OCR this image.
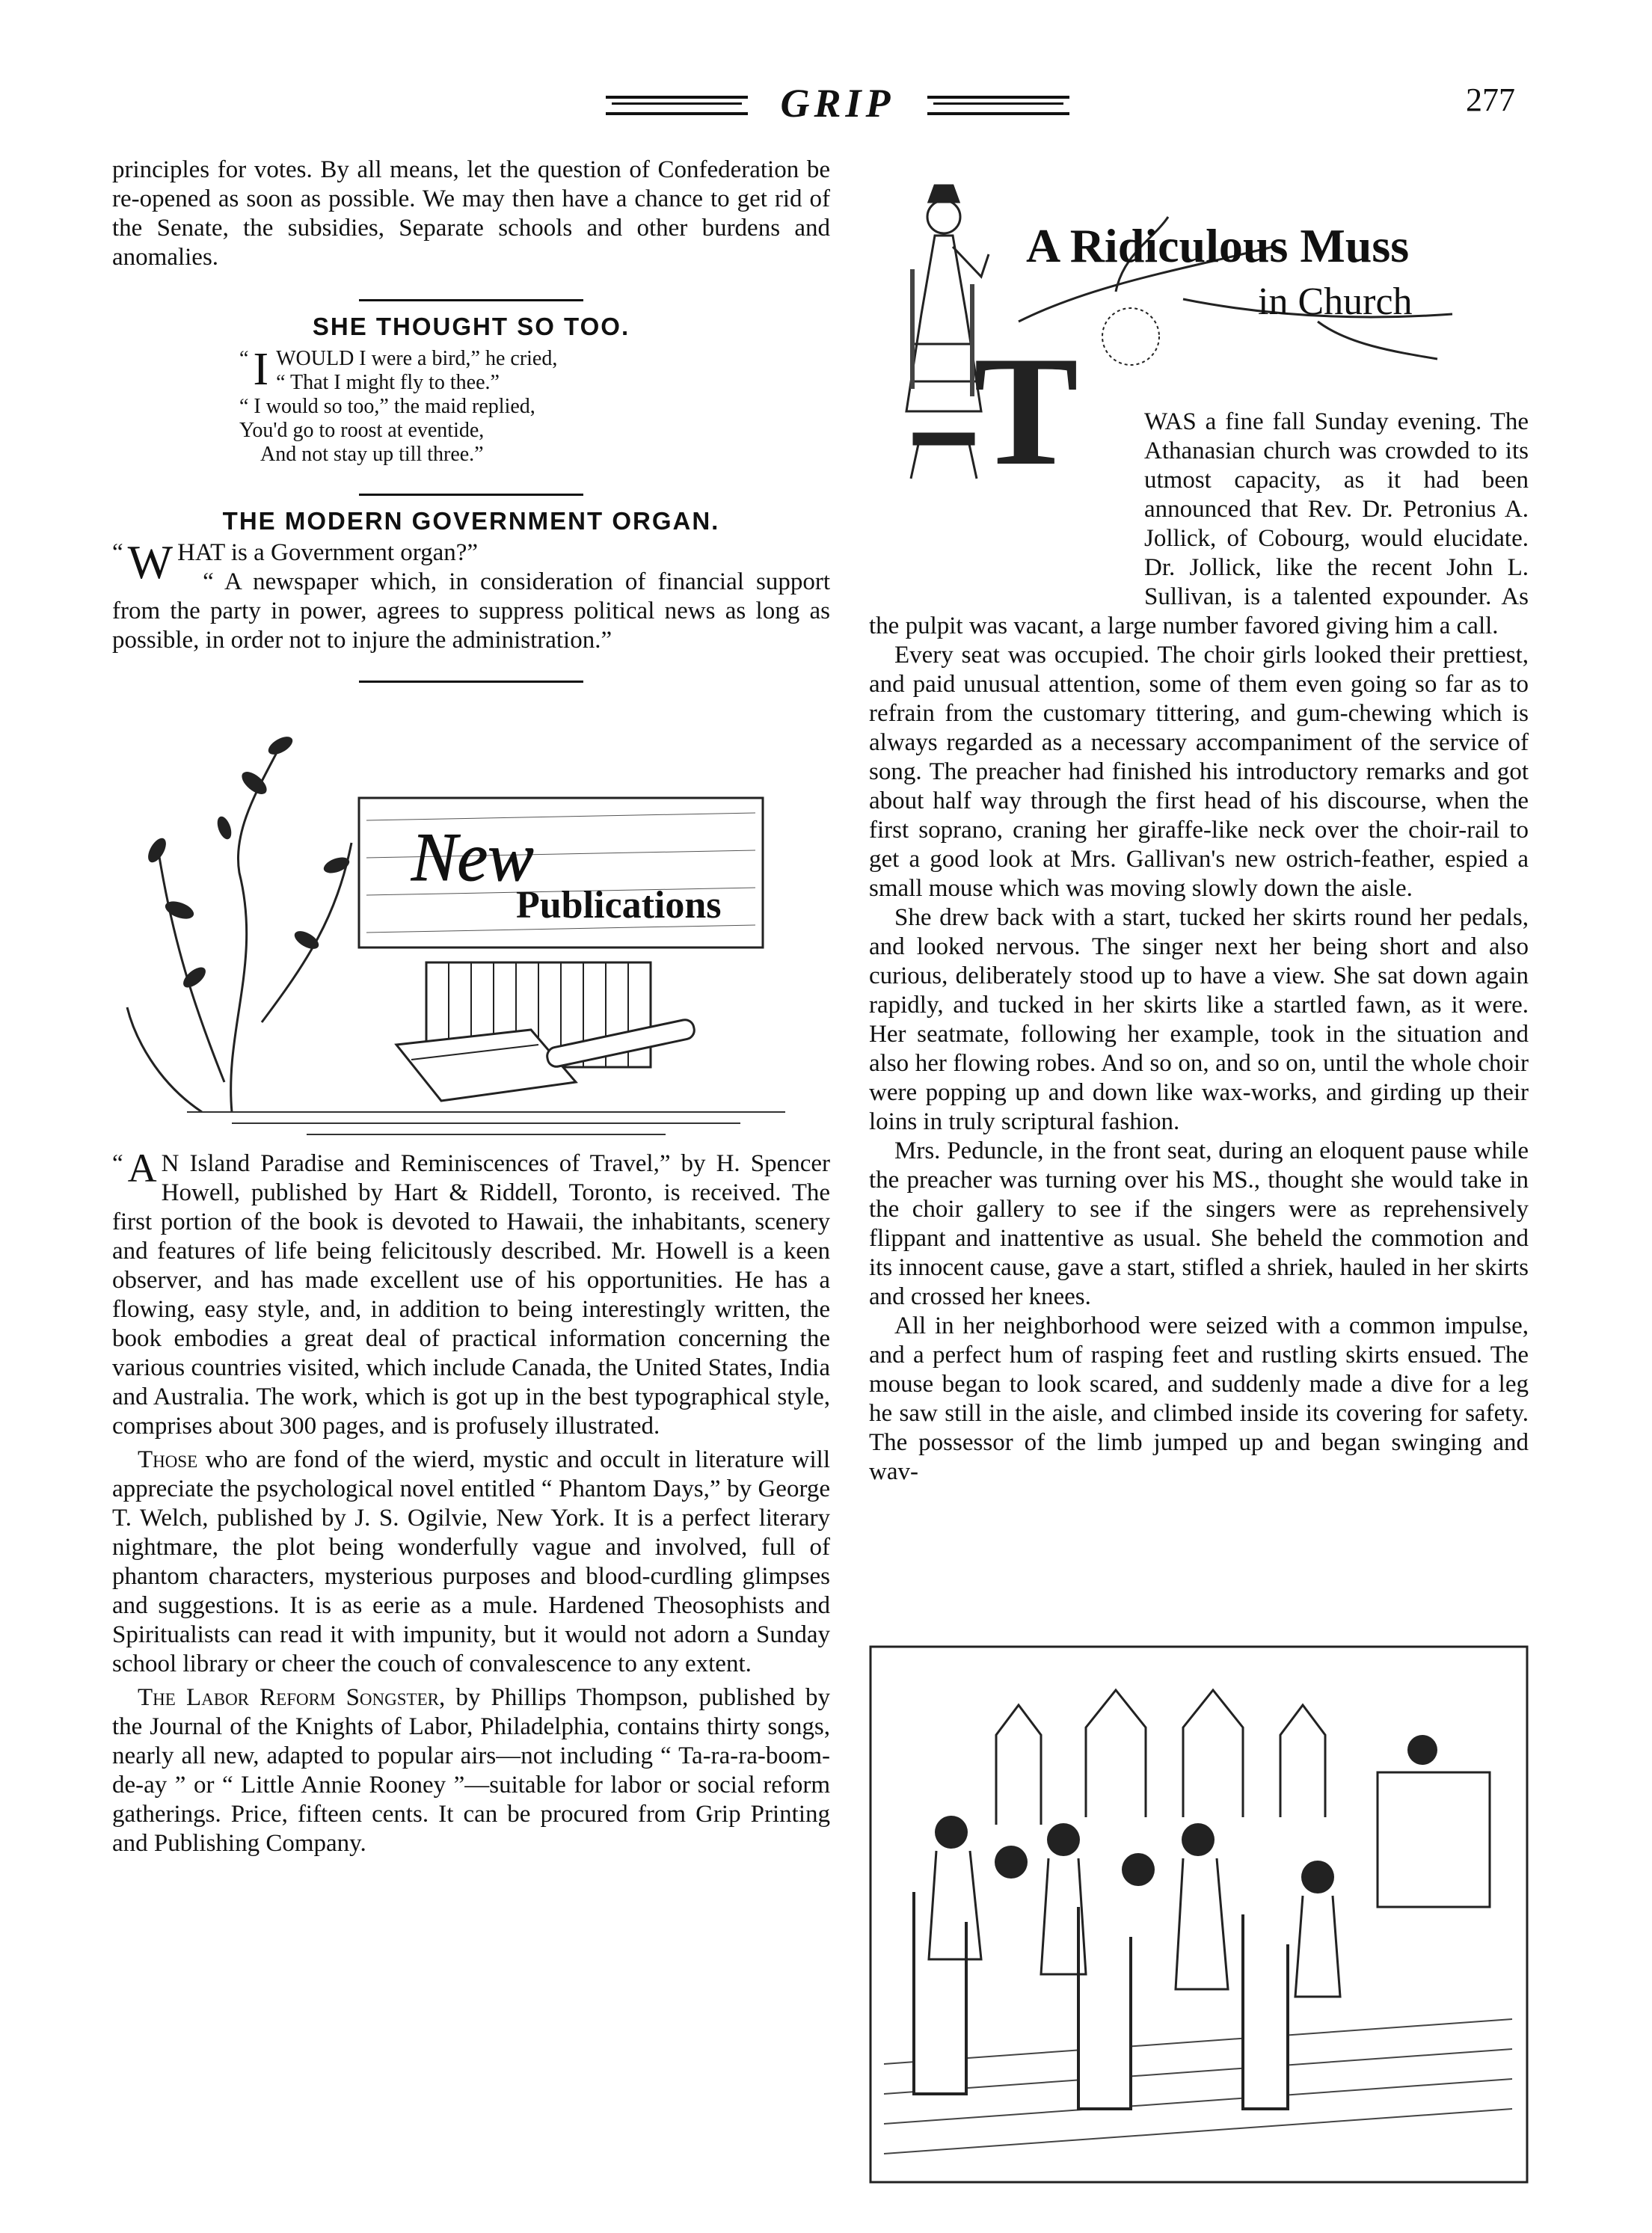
GRIP	277

principles for votes. By all means, let the question of Confederation be re-opened as soon as possible. We may then have a chance to get rid of the Senate, the subsidies, Separate schools and other burdens and anomalies.

SHE THOUGHT SO TOO.
“ I WOULD I were a bird,” he cried,
“ That I might fly to thee.”
“ I would so too,” the maid replied,
You'd go to roost at eventide,
And not stay up till three.”
THE MODERN GOVERNMENT ORGAN.
“ W HAT is a Government organ?”

“ A newspaper which, in consideration of financial support from the party in power, agrees to suppress political news as long as possible, in order not to injure the administration.”

New
Publications
“ A N Island Paradise and Reminiscences of Travel,” by H. Spencer Howell, published by Hart & Riddell, Toronto, is received. The first portion of the book is devoted to Hawaii, the inhabitants, scenery and features of life being felicitously described. Mr. Howell is a keen observer, and has made excellent use of his opportunities. He has a flowing, easy style, and, in addition to being interestingly written, the book embodies a great deal of practical information concerning the various countries visited, which include Canada, the United States, India and Australia. The work, which is got up in the best typographical style, comprises about 300 pages, and is profusely illustrated.

Those who are fond of the wierd, mystic and occult in literature will appreciate the psychological novel entitled “ Phantom Days,” by George T. Welch, published by J. S. Ogilvie, New York. It is a perfect literary nightmare, the plot being wonderfully vague and involved, full of phantom characters, mysterious purposes and blood-curdling glimpses and suggestions. It is as eerie as a mule. Hardened Theosophists and Spiritualists can read it with impunity, but it would not adorn a Sunday school library or cheer the couch of convalescence to any extent.

The Labor Reform Songster, by Phillips Thompson, published by the Journal of the Knights of Labor, Philadelphia, contains thirty songs, nearly all new, adapted to popular airs—not including “ Ta-ra-ra-boom-de-ay ” or “ Little Annie Rooney ”—suitable for labor or social reform gatherings. Price, fifteen cents. It can be procured from Grip Printing and Publishing Company.

A Ridiculous Muss
in Church
T	WAS a fine fall Sunday evening. The Athanasian church was crowded to its utmost capacity, as it had been announced that Rev. Dr. Petronius A. Jollick, of Cobourg, would elucidate. Dr. Jollick, like the recent John L. Sullivan, is a talented expounder. As the pulpit was vacant, a large number favored giving him a call.

Every seat was occupied. The choir girls looked their prettiest, and paid unusual attention, some of them even going so far as to refrain from the customary tittering, and gum-chewing which is always regarded as a necessary accompaniment of the service of song. The preacher had finished his introductory remarks and got about half way through the first head of his discourse, when the first soprano, craning her giraffe-like neck over the choir-rail to get a good look at Mrs. Gallivan's new ostrich-feather, espied a small mouse which was moving slowly down the aisle.

She drew back with a start, tucked her skirts round her pedals, and looked nervous. The singer next her being short and also curious, deliberately stood up to have a view. She sat down again rapidly, and tucked in her skirts like a startled fawn, as it were. Her seatmate, following her example, took in the situation and also her flowing robes. And so on, and so on, until the whole choir were popping up and down like wax-works, and girding up their loins in truly scriptural fashion.

Mrs. Peduncle, in the front seat, during an eloquent pause while the preacher was turning over his MS., thought she would take in the choir gallery to see if the singers were as reprehensively flippant and inattentive as usual. She beheld the commotion and its innocent cause, gave a start, stifled a shriek, hauled in her skirts and crossed her knees.

All in her neighborhood were seized with a common impulse, and a perfect hum of rasping feet and rustling skirts ensued. The mouse began to look scared, and suddenly made a dive for a leg he saw still in the aisle, and climbed inside its covering for safety. The possessor of the limb jumped up and began swinging and wav-
